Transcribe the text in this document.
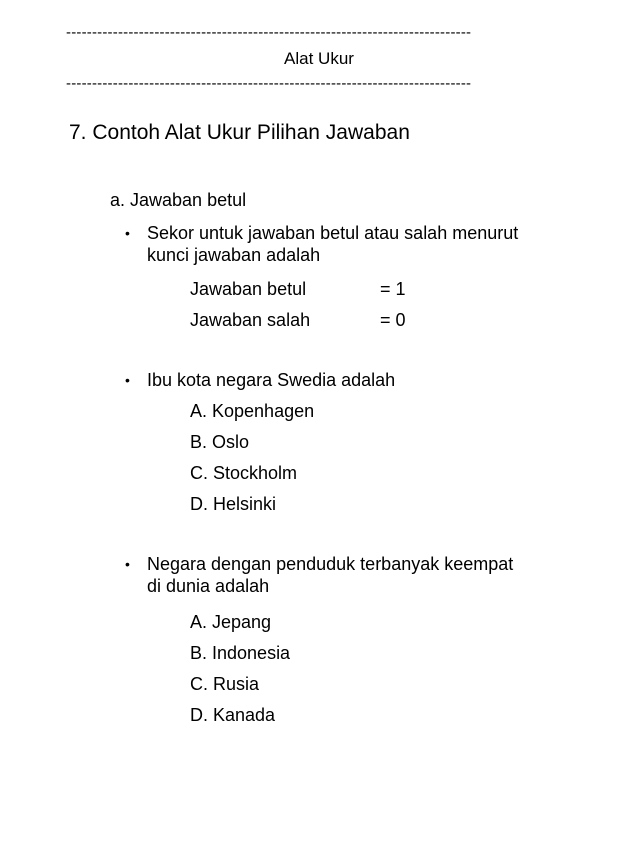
------------------------------------------------------------------------------
Alat Ukur
------------------------------------------------------------------------------
7. Contoh Alat Ukur Pilihan Jawaban
a. Jawaban betul
• Sekor untuk jawaban betul atau salah menurut
kunci jawaban adalah
Jawaban betul	= 1
Jawaban salah	= 0
• Ibu kota negara Swedia adalah
A. Kopenhagen
B. Oslo
C. Stockholm
D. Helsinki
• Negara dengan penduduk terbanyak keempat
di dunia adalah
A. Jepang
B. Indonesia
C. Rusia
D. Kanada
